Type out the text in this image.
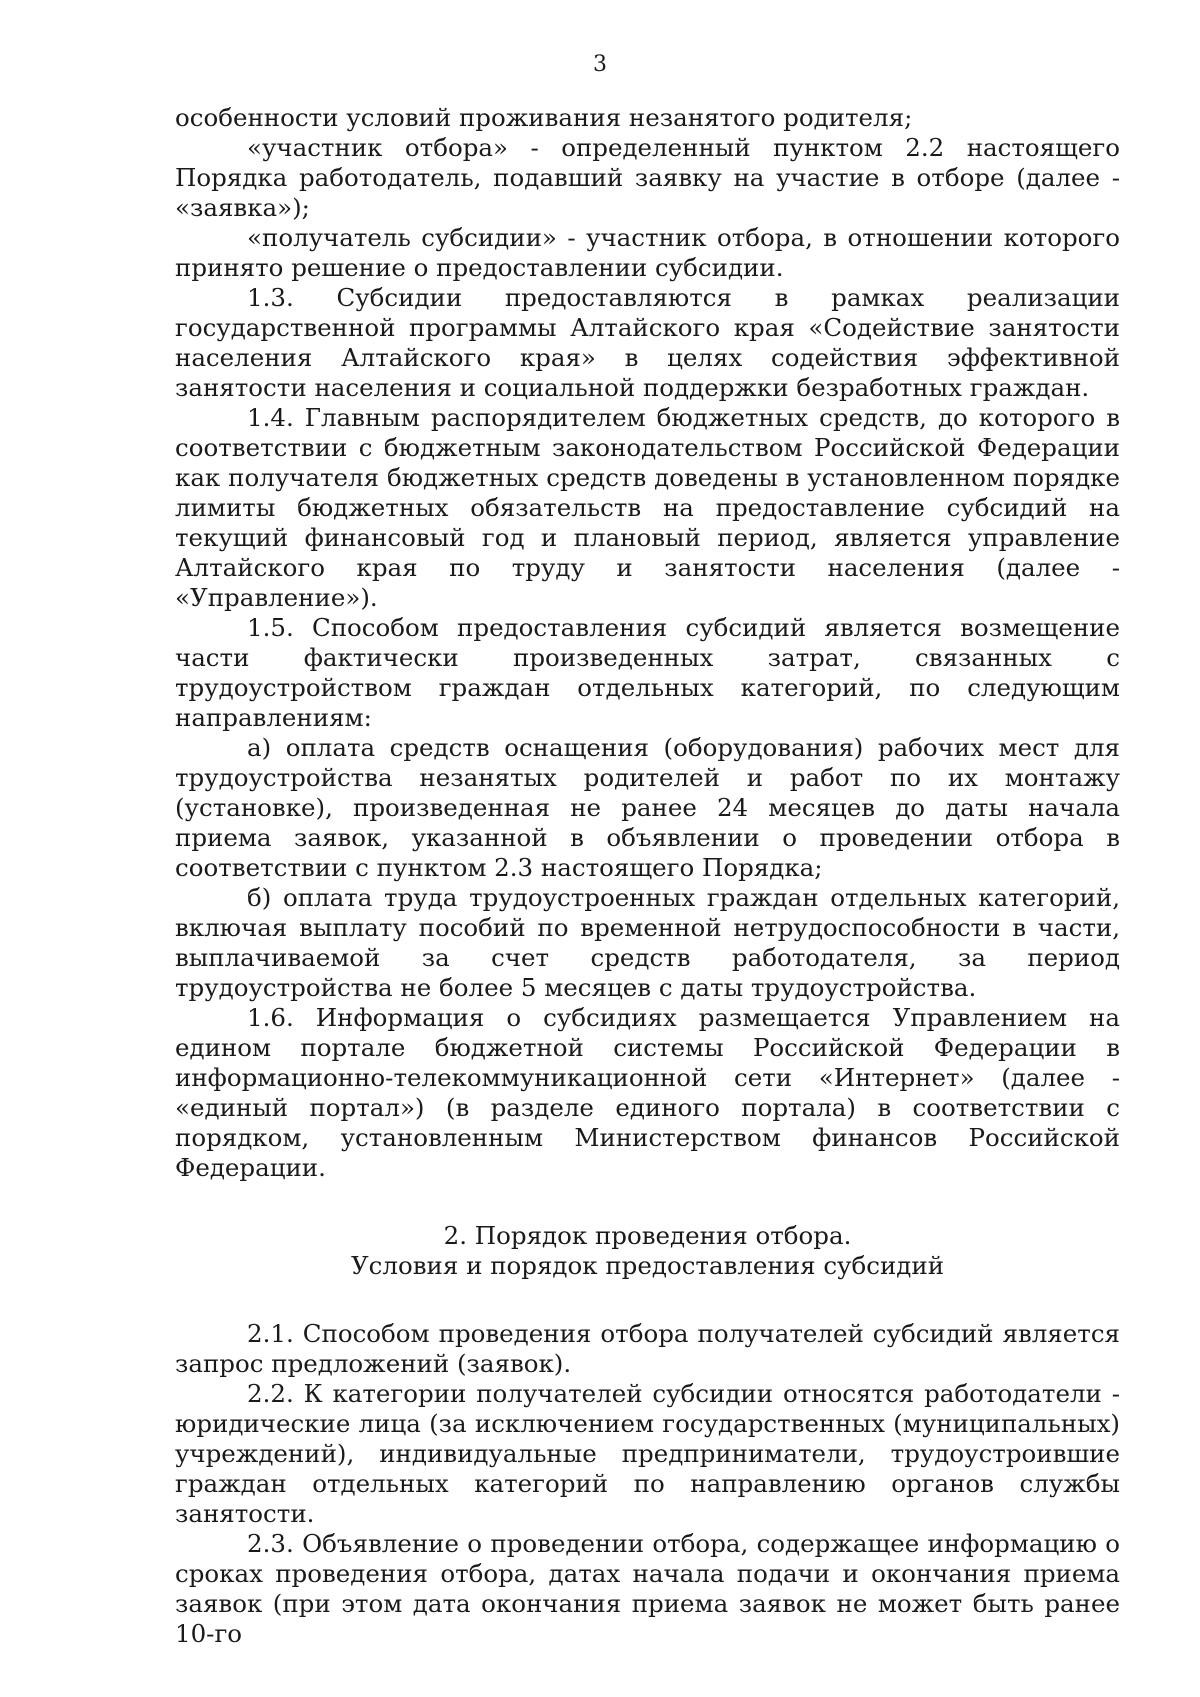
3

особенности условий проживания незанятого родителя;

«участник отбора» - определенный пунктом 2.2 настоящего Порядка работодатель, подавший заявку на участие в отборе (далее - «заявка»);

«получатель субсидии» - участник отбора, в отношении которого принято решение о предоставлении субсидии.

1.3. Субсидии предоставляются в рамках реализации государственной программы Алтайского края «Содействие занятости населения Алтайского края» в целях содействия эффективной занятости населения и социальной поддержки безработных граждан.

1.4. Главным распорядителем бюджетных средств, до которого в соответствии с бюджетным законодательством Российской Федерации как получателя бюджетных средств доведены в установленном порядке лимиты бюджетных обязательств на предоставление субсидий на текущий финансовый год и плановый период, является управление Алтайского края по труду и занятости населения (далее - «Управление»).

1.5. Способом предоставления субсидий является возмещение части фактически произведенных затрат, связанных с трудоустройством граждан отдельных категорий, по следующим направлениям:

а) оплата средств оснащения (оборудования) рабочих мест для трудоустройства незанятых родителей и работ по их монтажу (установке), произведенная не ранее 24 месяцев до даты начала приема заявок, указанной в объявлении о проведении отбора в соответствии с пунктом 2.3 настоящего Порядка;

б) оплата труда трудоустроенных граждан отдельных категорий, включая выплату пособий по временной нетрудоспособности в части, выплачиваемой за счет средств работодателя, за период трудоустройства не более 5 месяцев с даты трудоустройства.

1.6. Информация о субсидиях размещается Управлением на едином портале бюджетной системы Российской Федерации в информационно-телекоммуникационной сети «Интернет» (далее - «единый портал») (в разделе единого портала) в соответствии с порядком, установленным Министерством финансов Российской Федерации.

2. Порядок проведения отбора.
Условия и порядок предоставления субсидий

2.1. Способом проведения отбора получателей субсидий является запрос предложений (заявок).

2.2. К категории получателей субсидии относятся работодатели - юридические лица (за исключением государственных (муниципальных) учреждений), индивидуальные предприниматели, трудоустроившие граждан отдельных категорий по направлению органов службы занятости.

2.3. Объявление о проведении отбора, содержащее информацию о сроках проведения отбора, датах начала подачи и окончания приема заявок (при этом дата окончания приема заявок не может быть ранее 10-го
